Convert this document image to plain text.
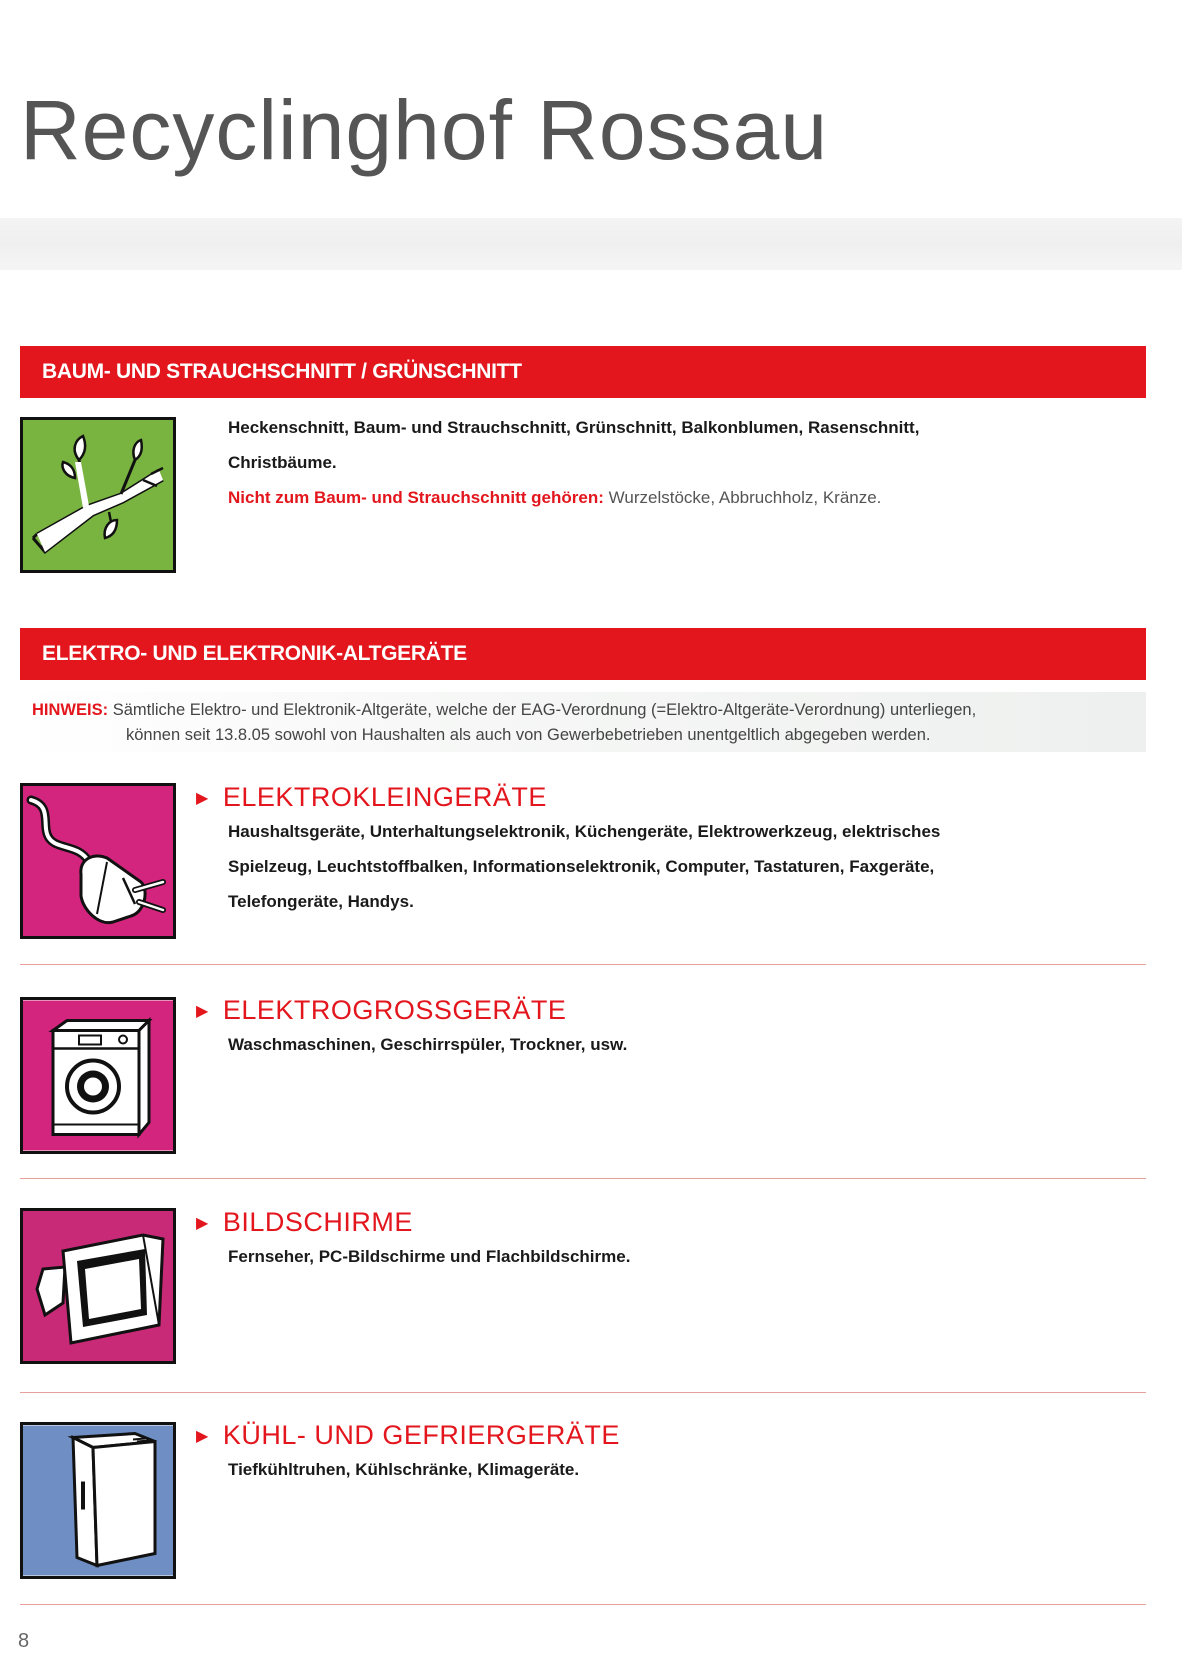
Recyclinghof Rossau
BAUM- UND STRAUCHSCHNITT / GRÜNSCHNITT
Heckenschnitt, Baum- und Strauchschnitt, Grünschnitt, Balkonblumen, Rasenschnitt,
Christbäume.
Nicht zum Baum- und Strauchschnitt gehören: Wurzelstöcke, Abbruchholz, Kränze.
ELEKTRO- UND ELEKTRONIK-ALTGERÄTE
HINWEIS: Sämtliche Elektro- und Elektronik-Altgeräte, welche der EAG-Verordnung (=Elektro-Altgeräte-Verordnung) unterliegen,
können seit 13.8.05 sowohl von Haushalten als auch von Gewerbebetrieben unentgeltlich abgegeben werden.
▶ ELEKTROKLEINGERÄTE
Haushaltsgeräte, Unterhaltungselektronik, Küchengeräte, Elektrowerkzeug, elektrisches
Spielzeug, Leuchtstoffbalken, Informationselektronik, Computer, Tastaturen, Faxgeräte,
Telefongeräte, Handys.
▶ ELEKTROGROSSGERÄTE
Waschmaschinen, Geschirrspüler, Trockner, usw.
▶ BILDSCHIRME
Fernseher, PC-Bildschirme und Flachbildschirme.
▶ KÜHL- UND GEFRIERGERÄTE
Tiefkühltruhen, Kühlschränke, Klimageräte.
8
